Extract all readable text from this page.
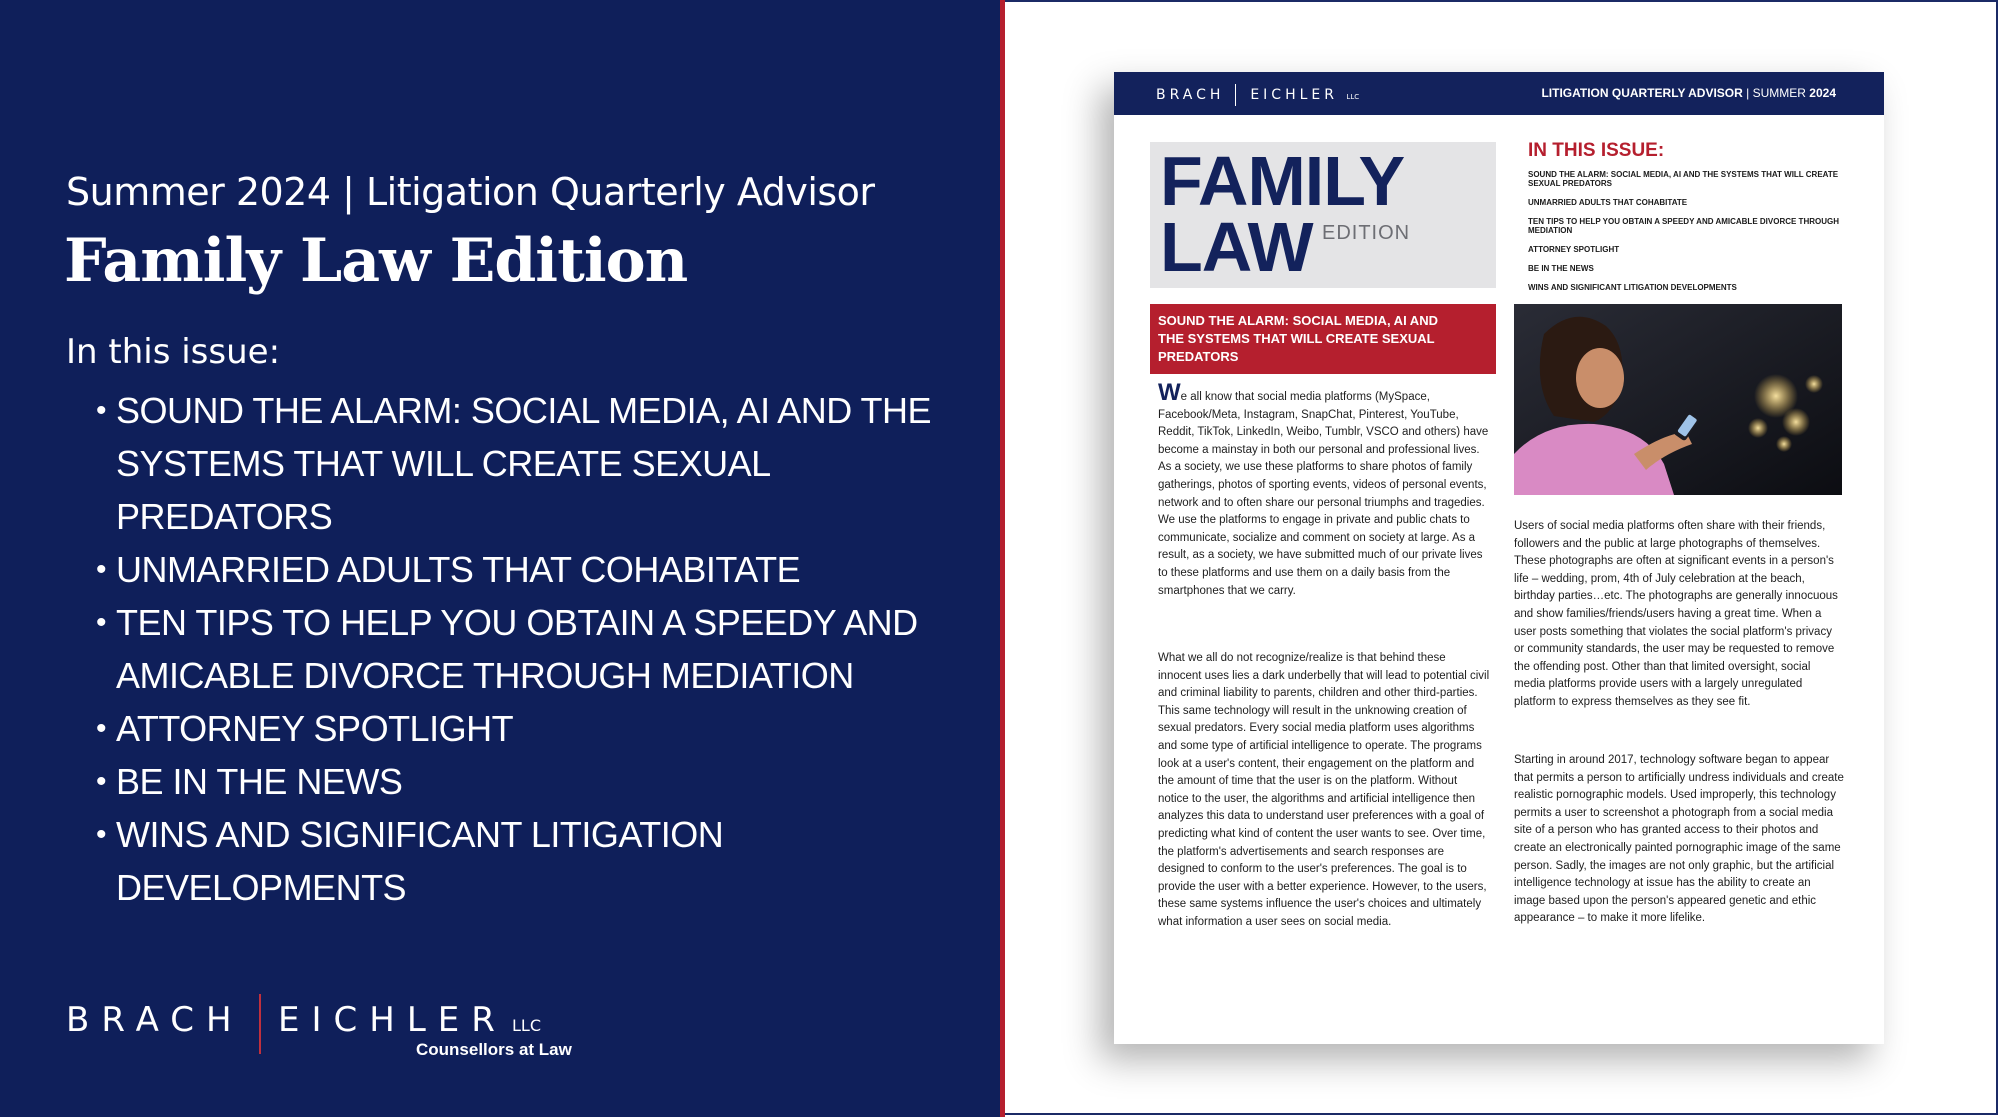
Summer 2024 | Litigation Quarterly Advisor
Family Law Edition
In this issue:
• SOUND THE ALARM: SOCIAL MEDIA, AI AND THE SYSTEMS THAT WILL CREATE SEXUAL PREDATORS
• UNMARRIED ADULTS THAT COHABITATE
• TEN TIPS TO HELP YOU OBTAIN A SPEEDY AND AMICABLE DIVORCE THROUGH MEDIATION
• ATTORNEY SPOTLIGHT
• BE IN THE NEWS
• WINS AND SIGNIFICANT LITIGATION DEVELOPMENTS
BRACH EICHLER LLC
Counsellors at Law
BRACH EICHLER LLC	LITIGATION QUARTERLY ADVISOR | SUMMER 2024
FAMILY
LAW EDITION
IN THIS ISSUE:
SOUND THE ALARM: SOCIAL MEDIA, AI AND THE SYSTEMS THAT WILL CREATE SEXUAL PREDATORS
UNMARRIED ADULTS THAT COHABITATE
TEN TIPS TO HELP YOU OBTAIN A SPEEDY AND AMICABLE DIVORCE THROUGH MEDIATION
ATTORNEY SPOTLIGHT
BE IN THE NEWS
WINS AND SIGNIFICANT LITIGATION DEVELOPMENTS
SOUND THE ALARM: SOCIAL MEDIA, AI AND THE SYSTEMS THAT WILL CREATE SEXUAL PREDATORS

We all know that social media platforms (MySpace, Facebook/Meta, Instagram, SnapChat, Pinterest, YouTube, Reddit, TikTok, LinkedIn, Weibo, Tumblr, VSCO and others) have become a mainstay in both our personal and professional lives. As a society, we use these platforms to share photos of family gatherings, photos of sporting events, videos of personal events, network and to often share our personal triumphs and tragedies. We use the platforms to engage in private and public chats to communicate, socialize and comment on society at large. As a result, as a society, we have submitted much of our private lives to these platforms and use them on a daily basis from the smartphones that we carry.

What we all do not recognize/realize is that behind these innocent uses lies a dark underbelly that will lead to potential civil and criminal liability to parents, children and other third-parties. This same technology will result in the unknowing creation of sexual predators. Every social media platform uses algorithms and some type of artificial intelligence to operate. The programs look at a user's content, their engagement on the platform and the amount of time that the user is on the platform. Without notice to the user, the algorithms and artificial intelligence then analyzes this data to understand user preferences with a goal of predicting what kind of content the user wants to see. Over time, the platform's advertisements and search responses are designed to conform to the user's preferences. The goal is to provide the user with a better experience. However, to the users, these same systems influence the user's choices and ultimately what information a user sees on social media.

Users of social media platforms often share with their friends, followers and the public at large photographs of themselves. These photographs are often at significant events in a person's life – wedding, prom, 4th of July celebration at the beach, birthday parties…etc. The photographs are generally innocuous and show families/friends/users having a great time. When a user posts something that violates the social platform's privacy or community standards, the user may be requested to remove the offending post. Other than that limited oversight, social media platforms provide users with a largely unregulated platform to express themselves as they see fit.

Starting in around 2017, technology software began to appear that permits a person to artificially undress individuals and create realistic pornographic models. Used improperly, this technology permits a user to screenshot a photograph from a social media site of a person who has granted access to their photos and create an electronically painted pornographic image of the same person. Sadly, the images are not only graphic, but the artificial intelligence technology at issue has the ability to create an image based upon the person's appeared genetic and ethic appearance – to make it more lifelike.
